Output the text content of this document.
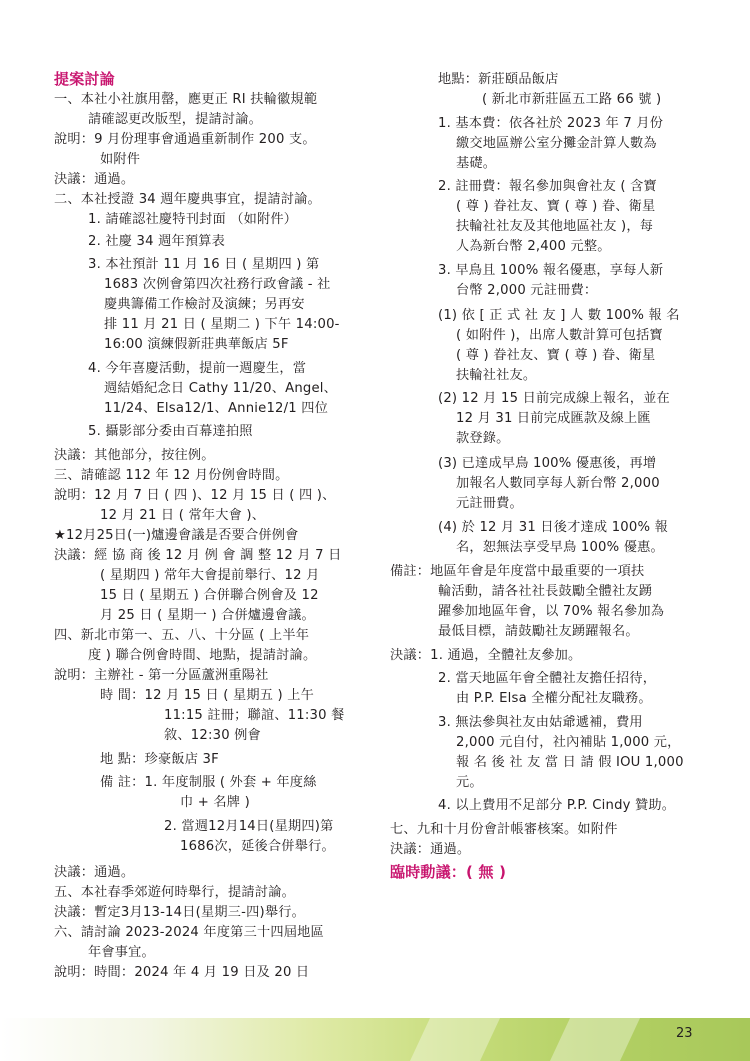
提案討論
一、本社小社旗用罄，應更正 RI 扶輪徽規範
請確認更改版型，提請討論。
說明：9 月份理事會通過重新制作 200 支。
如附件
決議：通過。
二、本社授證 34 週年慶典事宜，提請討論。
1. 請確認社慶特刊封面 （如附件）
2. 社慶 34 週年預算表
3. 本社預計 11 月 16 日 ( 星期四 ) 第
1683 次例會第四次社務行政會議 - 社
慶典籌備工作檢討及演練；另再安
排 11 月 21 日 ( 星期二 ) 下午 14:00-
16:00 演練假新莊典華飯店 5F
4. 今年喜慶活動，提前一週慶生，當
週結婚紀念日 Cathy 11/20、Angel、
11/24、Elsa12/1、Annie12/1 四位
5. 攝影部分委由百幕達拍照
決議：其他部分，按往例。
三、請確認 112 年 12 月份例會時間。
說明：12 月 7 日 ( 四 )、12 月 15 日 ( 四 )、
12 月 21 日 ( 常年大會 )、
★12月25日(一)爐邊會議是否要合併例會
決議：經 協 商 後 12 月 例 會 調 整 12 月 7 日
( 星期四 ) 常年大會提前舉行、12 月
15 日 ( 星期五 ) 合併聯合例會及 12
月 25 日 ( 星期一 ) 合併爐邊會議。
四、新北市第一、五、八、十分區 ( 上半年
度 ) 聯合例會時間、地點，提請討論。
說明：主辦社 - 第一分區蘆洲重陽社
時 間：12 月 15 日 ( 星期五 ) 上午
11:15 註冊；聯誼、11:30 餐
敘、12:30 例會
地 點：珍豪飯店 3F
備 註：1. 年度制服 ( 外套 + 年度絲
巾 + 名牌 )
2. 當週12月14日(星期四)第
1686次，延後合併舉行。
決議：通過。
五、本社春季郊遊何時舉行，提請討論。
決議：暫定3月13-14日(星期三-四)舉行。
六、請討論 2023-2024 年度第三十四屆地區
年會事宜。
說明：時間：2024 年 4 月 19 日及 20 日
地點：新莊頤品飯店
( 新北市新莊區五工路 66 號 )
1. 基本費：依各社於 2023 年 7 月份
繳交地區辦公室分攤金計算人數為
基礎。
2. 註冊費：報名參加與會社友 ( 含寶
( 尊 ) 眷社友、寶 ( 尊 ) 眷、衛星
扶輪社社友及其他地區社友 )，每
人為新台幣 2,400 元整。
3. 早鳥且 100% 報名優惠，享每人新
台幣 2,000 元註冊費：
(1) 依 [ 正 式 社 友 ] 人 數 100% 報 名
( 如附件 )，出席人數計算可包括寶
( 尊 ) 眷社友、寶 ( 尊 ) 眷、衛星
扶輪社社友。
(2) 12 月 15 日前完成線上報名，並在
12 月 31 日前完成匯款及線上匯
款登錄。
(3) 已達成早鳥 100% 優惠後，再增
加報名人數同享每人新台幣 2,000
元註冊費。
(4) 於 12 月 31 日後才達成 100% 報
名，恕無法享受早鳥 100% 優惠。
備註：地區年會是年度當中最重要的一項扶
輪活動，請各社社長鼓勵全體社友踴
躍參加地區年會，以 70% 報名參加為
最低目標，請鼓勵社友踴躍報名。
決議：1. 通過，全體社友參加。
2. 當天地區年會全體社友擔任招待，
由 P.P. Elsa 全權分配社友職務。
3. 無法參與社友由姑爺遞補，費用
2,000 元自付，社內補貼 1,000 元，
報 名 後 社 友 當 日 請 假 IOU 1,000
元。
4. 以上費用不足部分 P.P. Cindy 贊助。
七、九和十月份會計帳審核案。如附件
決議：通過。
臨時動議：( 無 )
23
